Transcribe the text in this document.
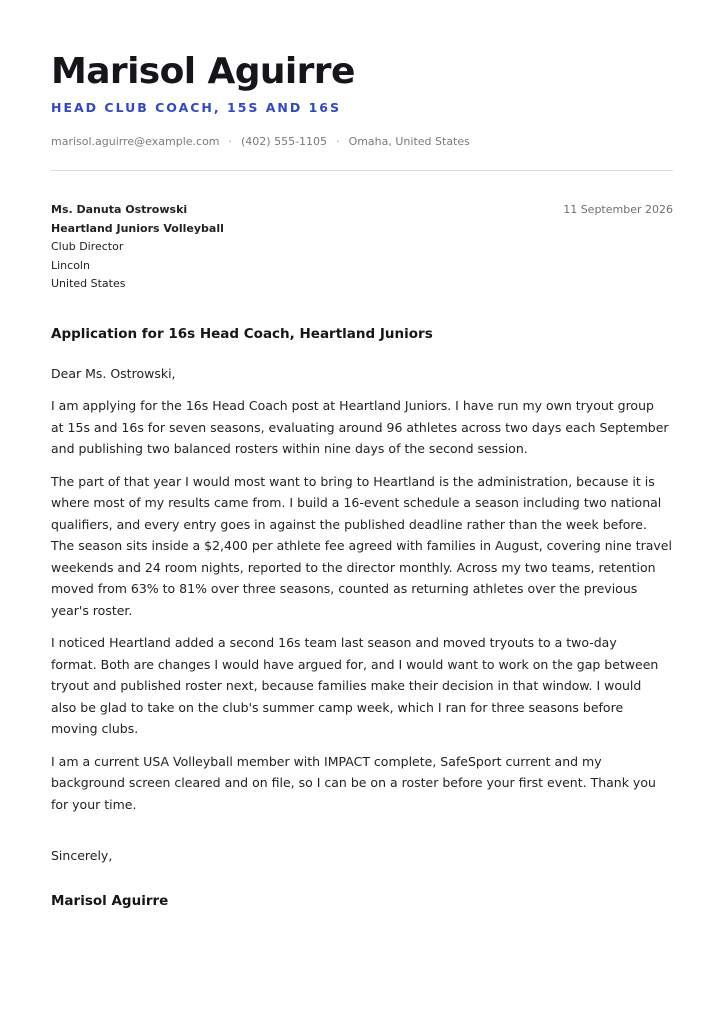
Marisol Aguirre
HEAD CLUB COACH, 15S AND 16S
marisol.aguirre@example.com · (402) 555-1105 · Omaha, United States
Ms. Danuta Ostrowski
Heartland Juniors Volleyball
Club Director
Lincoln
United States
11 September 2026
Application for 16s Head Coach, Heartland Juniors
Dear Ms. Ostrowski,

I am applying for the 16s Head Coach post at Heartland Juniors. I have run my own tryout group
at 15s and 16s for seven seasons, evaluating around 96 athletes across two days each September
and publishing two balanced rosters within nine days of the second session.

The part of that year I would most want to bring to Heartland is the administration, because it is
where most of my results came from. I build a 16-event schedule a season including two national
qualifiers, and every entry goes in against the published deadline rather than the week before.
The season sits inside a $2,400 per athlete fee agreed with families in August, covering nine travel
weekends and 24 room nights, reported to the director monthly. Across my two teams, retention
moved from 63% to 81% over three seasons, counted as returning athletes over the previous
year's roster.

I noticed Heartland added a second 16s team last season and moved tryouts to a two-day
format. Both are changes I would have argued for, and I would want to work on the gap between
tryout and published roster next, because families make their decision in that window. I would
also be glad to take on the club's summer camp week, which I ran for three seasons before
moving clubs.

I am a current USA Volleyball member with IMPACT complete, SafeSport current and my
background screen cleared and on file, so I can be on a roster before your first event. Thank you
for your time.

Sincerely,
Marisol Aguirre
